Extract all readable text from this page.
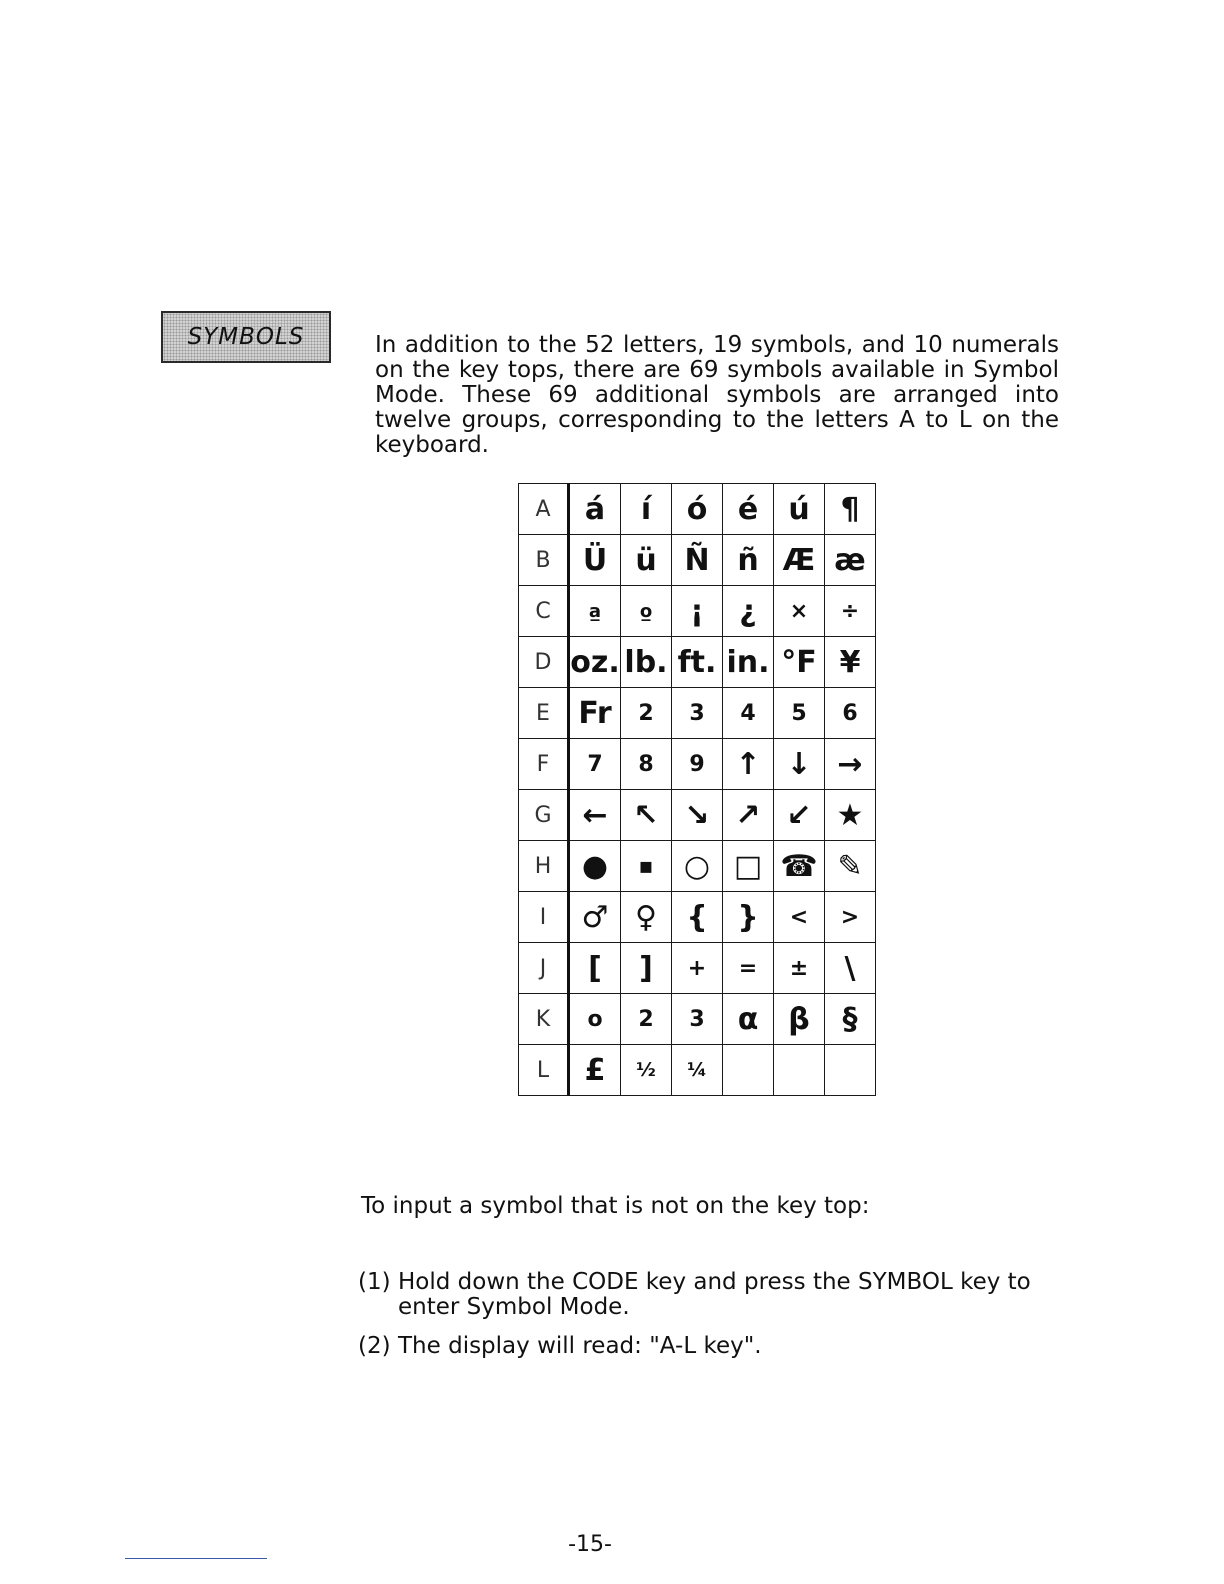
SYMBOLS	In addition to the 52 letters, 19 symbols, and 10 numerals on the key tops, there are 69 symbols available in Symbol Mode. These 69 additional symbols are arranged into twelve groups, corresponding to the letters A to L on the keyboard.

A	á	í	ó	é	ú	¶
B	Ü	ü	Ñ	ñ	Æ	æ
C	a̲	o̲	¡	¿	×	÷
D	oz.	lb.	ft.	in.	°F	¥
E	Fr	2	3	4	5	6
F	7	8	9	↑	↓	→
G	←	↖	↘	↗	↙	★
H	●	▪	○	□	☎	✎
I	♂	♀	{	}	<	>
J	[	]	+	=	±	\
K	o	2	3	α	β	§
L	£	½	¼			
To input a symbol that is not on the key top:
(1) Hold down the CODE key and press the SYMBOL key to enter Symbol Mode.
(2) The display will read: "A-L key".
-15-
